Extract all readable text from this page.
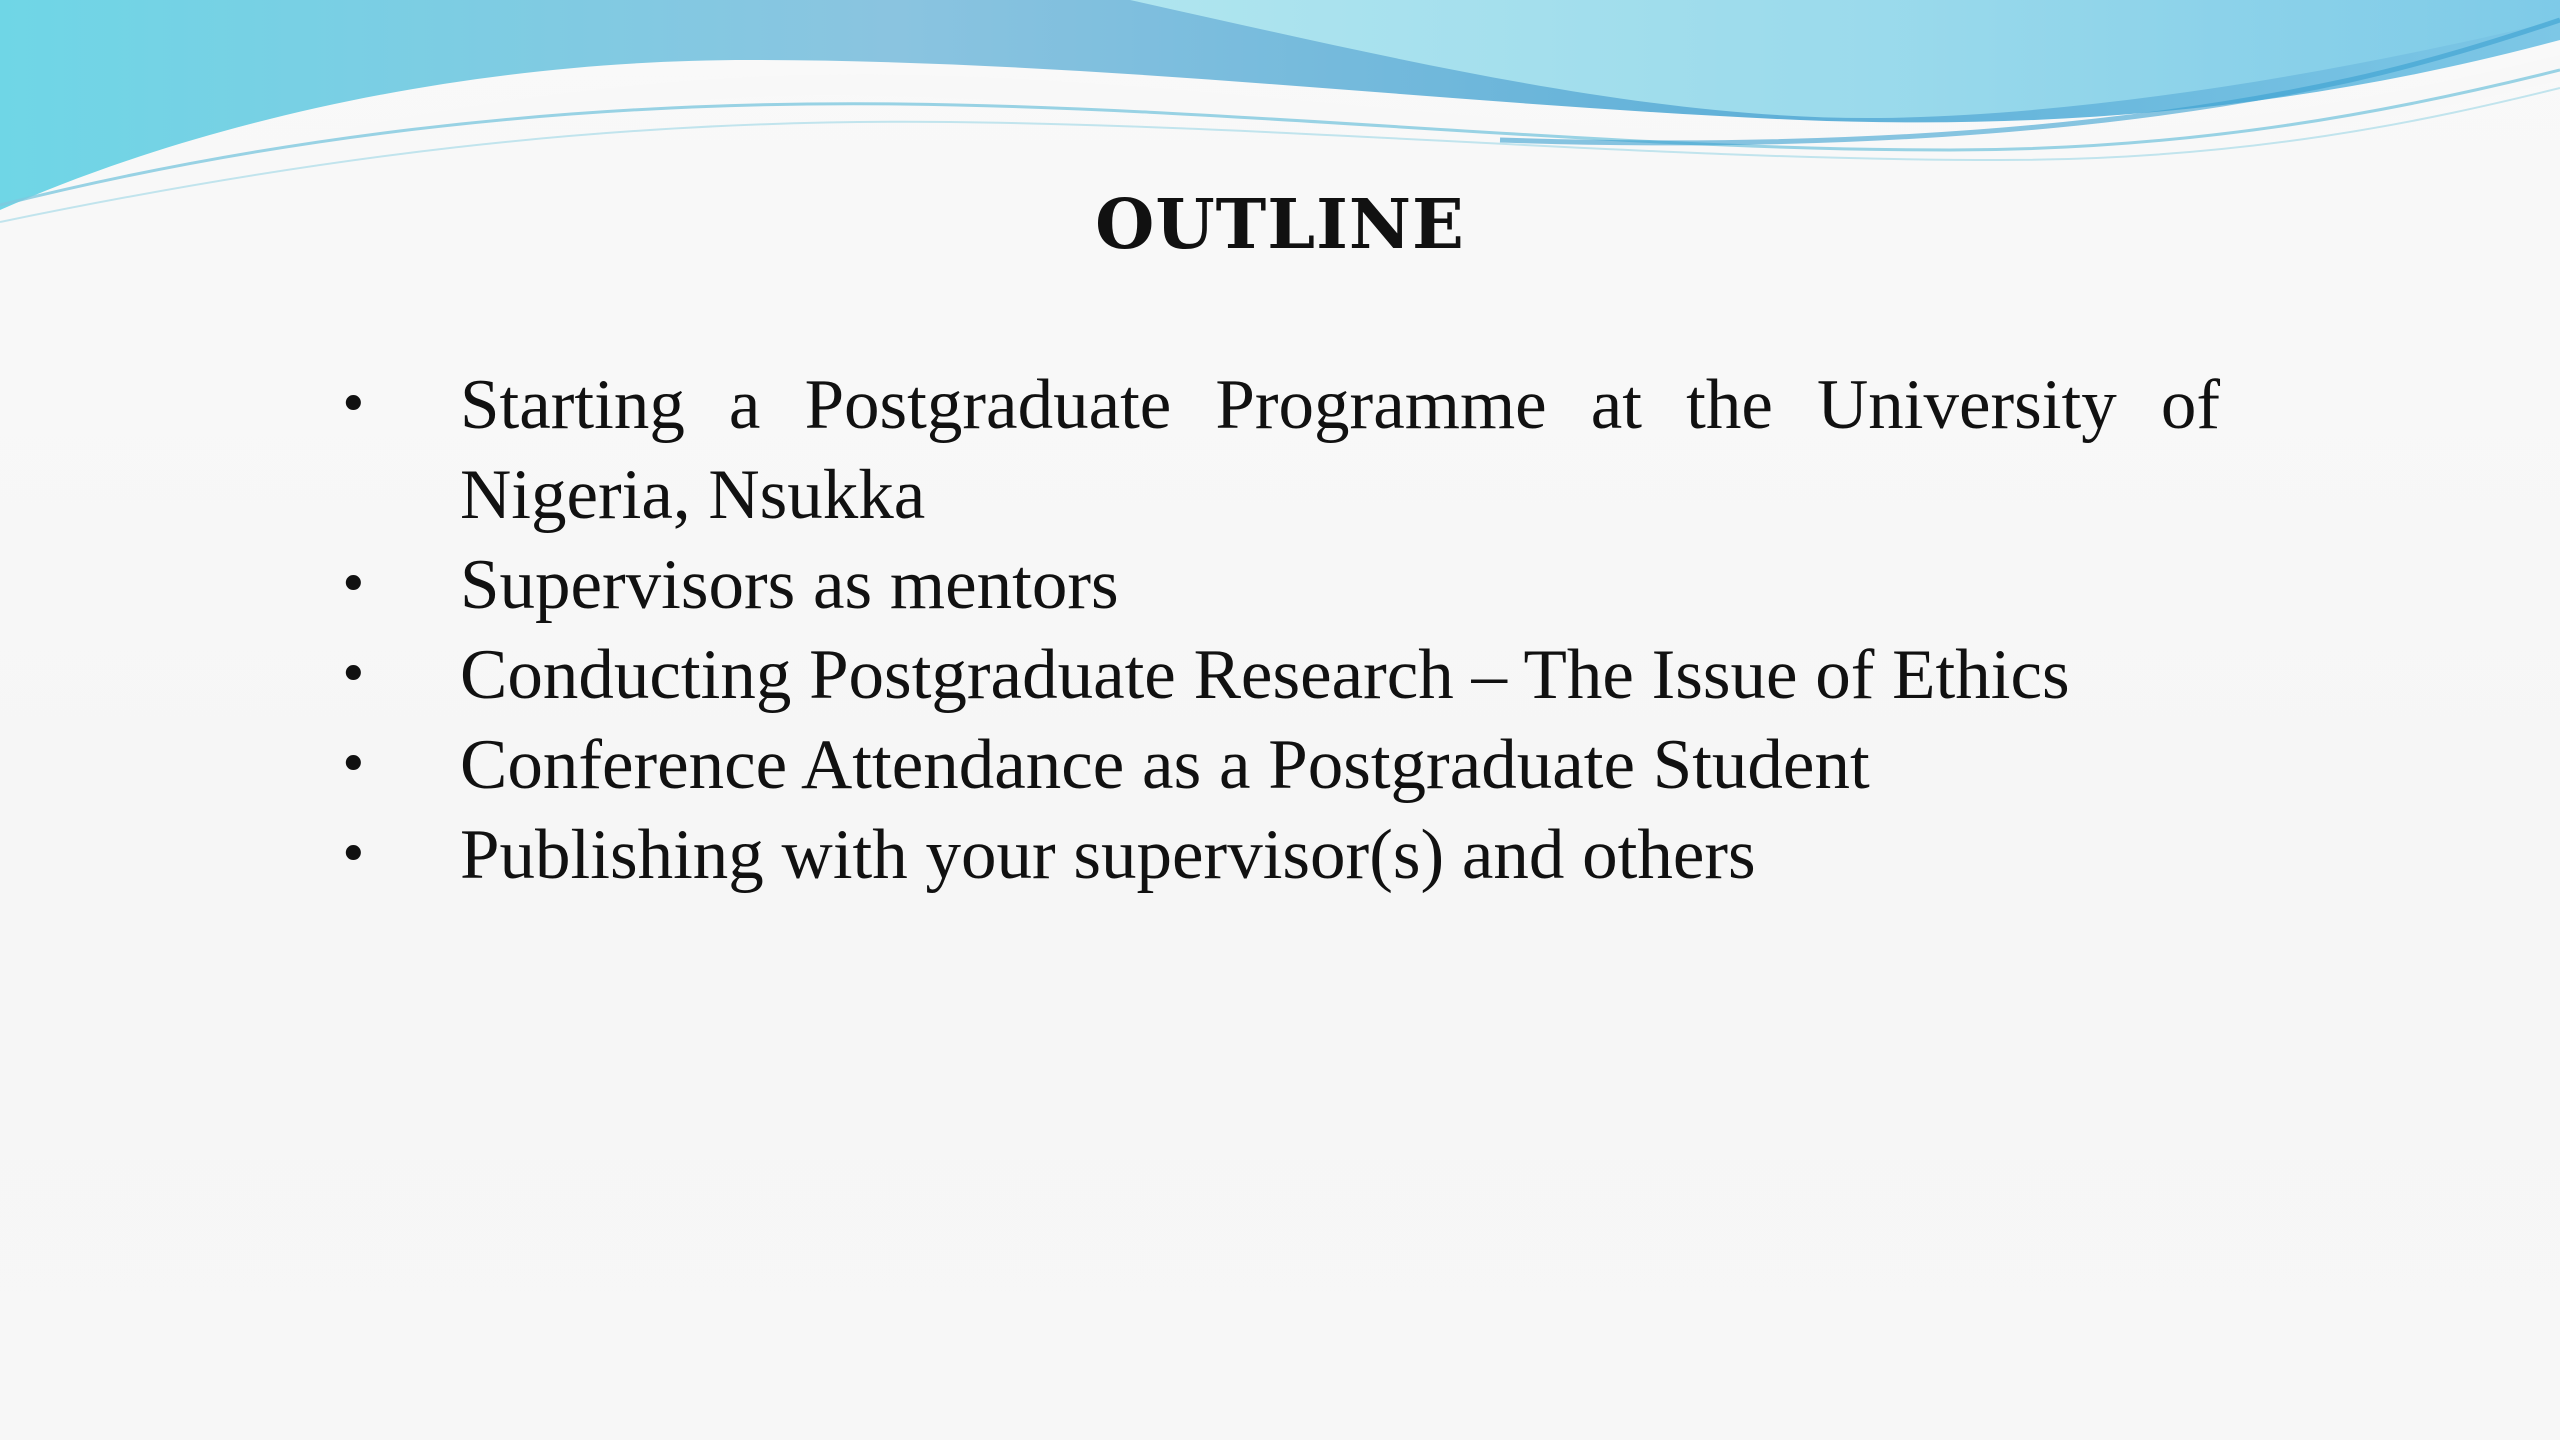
OUTLINE
• Starting a Postgraduate Programme at the University of Nigeria, Nsukka
• Supervisors as mentors
• Conducting Postgraduate Research – The Issue of Ethics
• Conference Attendance as a Postgraduate Student
• Publishing with your supervisor(s) and others
